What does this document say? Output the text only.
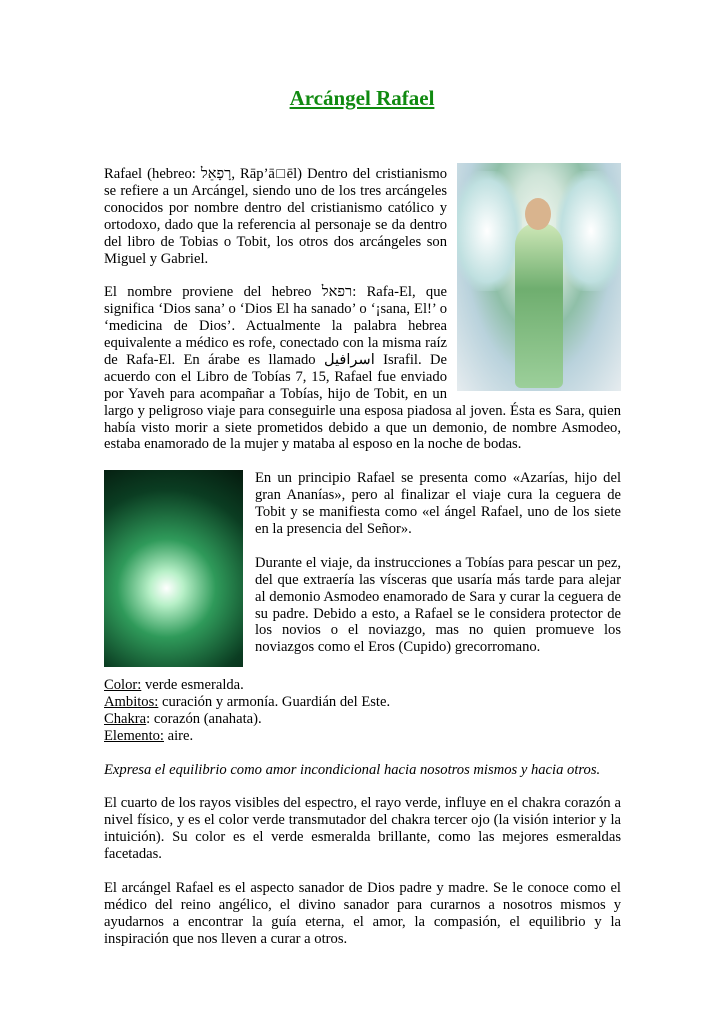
Arcángel Rafael

Rafael (hebreo: רָפָאֵל, Rāp’ā□ēl) Dentro del cristianismo se refiere a un Arcángel, siendo uno de los tres arcángeles conocidos por nombre dentro del cristianismo católico y ortodoxo, dado que la referencia al personaje se da dentro del libro de Tobias o Tobit, los otros dos arcángeles son Miguel y Gabriel.

El nombre proviene del hebreo רפאל: Rafa-El, que significa ‘Dios sana’ o ‘Dios El ha sanado’ o ‘¡sana, El!’ o ‘medicina de Dios’. Actualmente la palabra hebrea equivalente a médico es rofe, conectado con la misma raíz de Rafa-El. En árabe es llamado اسرافيل Israfil. De acuerdo con el Libro de Tobías 7, 15, Rafael fue enviado por Yaveh para acompañar a Tobías, hijo de Tobit, en un largo y peligroso viaje para conseguirle una esposa piadosa al joven. Ésta es Sara, quien había visto morir a siete prometidos debido a que un demonio, de nombre Asmodeo, estaba enamorado de la mujer y mataba al esposo en la noche de bodas.

En un principio Rafael se presenta como «Azarías, hijo del gran Ananías», pero al finalizar el viaje cura la ceguera de Tobit y se manifiesta como «el ángel Rafael, uno de los siete en la presencia del Señor».

Durante el viaje, da instrucciones a Tobías para pescar un pez, del que extraería las vísceras que usaría más tarde para alejar al demonio Asmodeo enamorado de Sara y curar la ceguera de su padre. Debido a esto, a Rafael se le considera protector de los novios o el noviazgo, mas no quien promueve los noviazgos como el Eros (Cupido) grecorromano.

Color: verde esmeralda.
Ambitos: curación y armonía. Guardián del Este.
Chakra: corazón (anahata).
Elemento: aire.

Expresa el equilibrio como amor incondicional hacia nosotros mismos y hacia otros.

El cuarto de los rayos visibles del espectro, el rayo verde, influye en el chakra corazón a nivel físico, y es el color verde transmutador del chakra tercer ojo (la visión interior y la intuición). Su color es el verde esmeralda brillante, como las mejores esmeraldas facetadas.

El arcángel Rafael es el aspecto sanador de Dios padre y madre. Se le conoce como el médico del reino angélico, el divino sanador para curarnos a nosotros mismos y ayudarnos a encontrar la guía eterna, el amor, la compasión, el equilibrio y la inspiración que nos lleven a curar a otros.
